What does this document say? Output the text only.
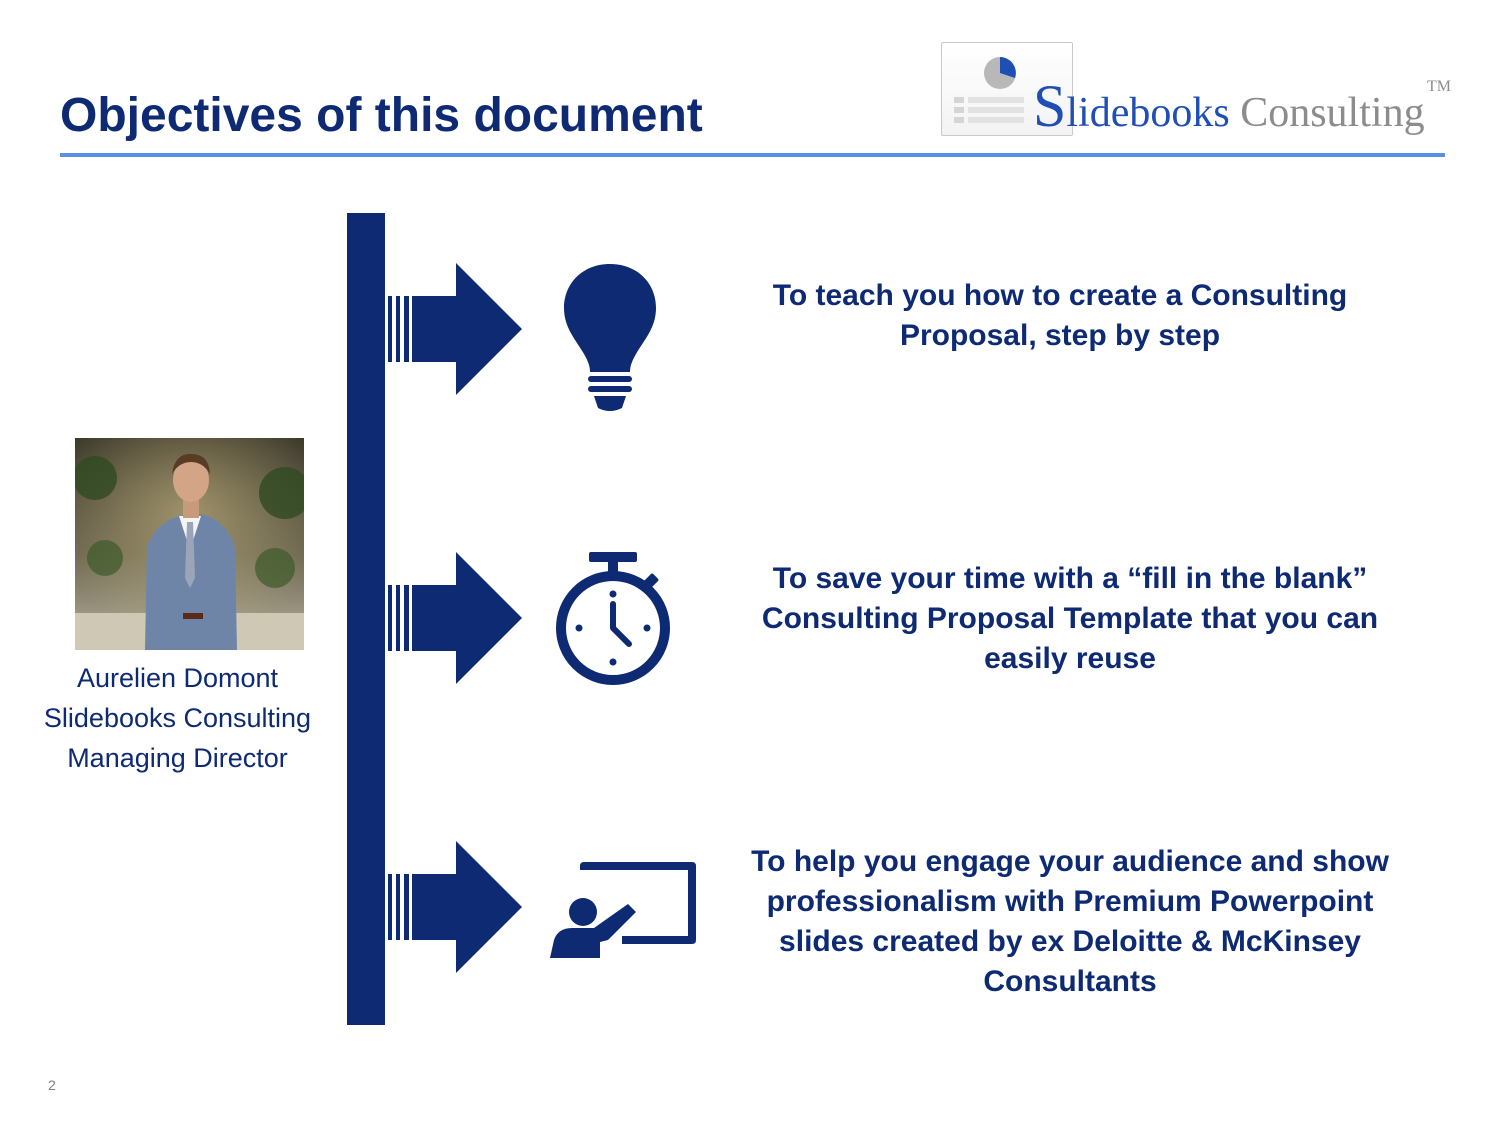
Objectives of this document	Slidebooks Consulting
TM
Aurelien Domont
Slidebooks Consulting
Managing Director
To teach you how to create a Consulting Proposal, step by step
To save your time with a “fill in the blank” Consulting Proposal Template that you can easily reuse
To help you engage your audience and show professionalism with Premium Powerpoint slides created by ex Deloitte & McKinsey Consultants
2
